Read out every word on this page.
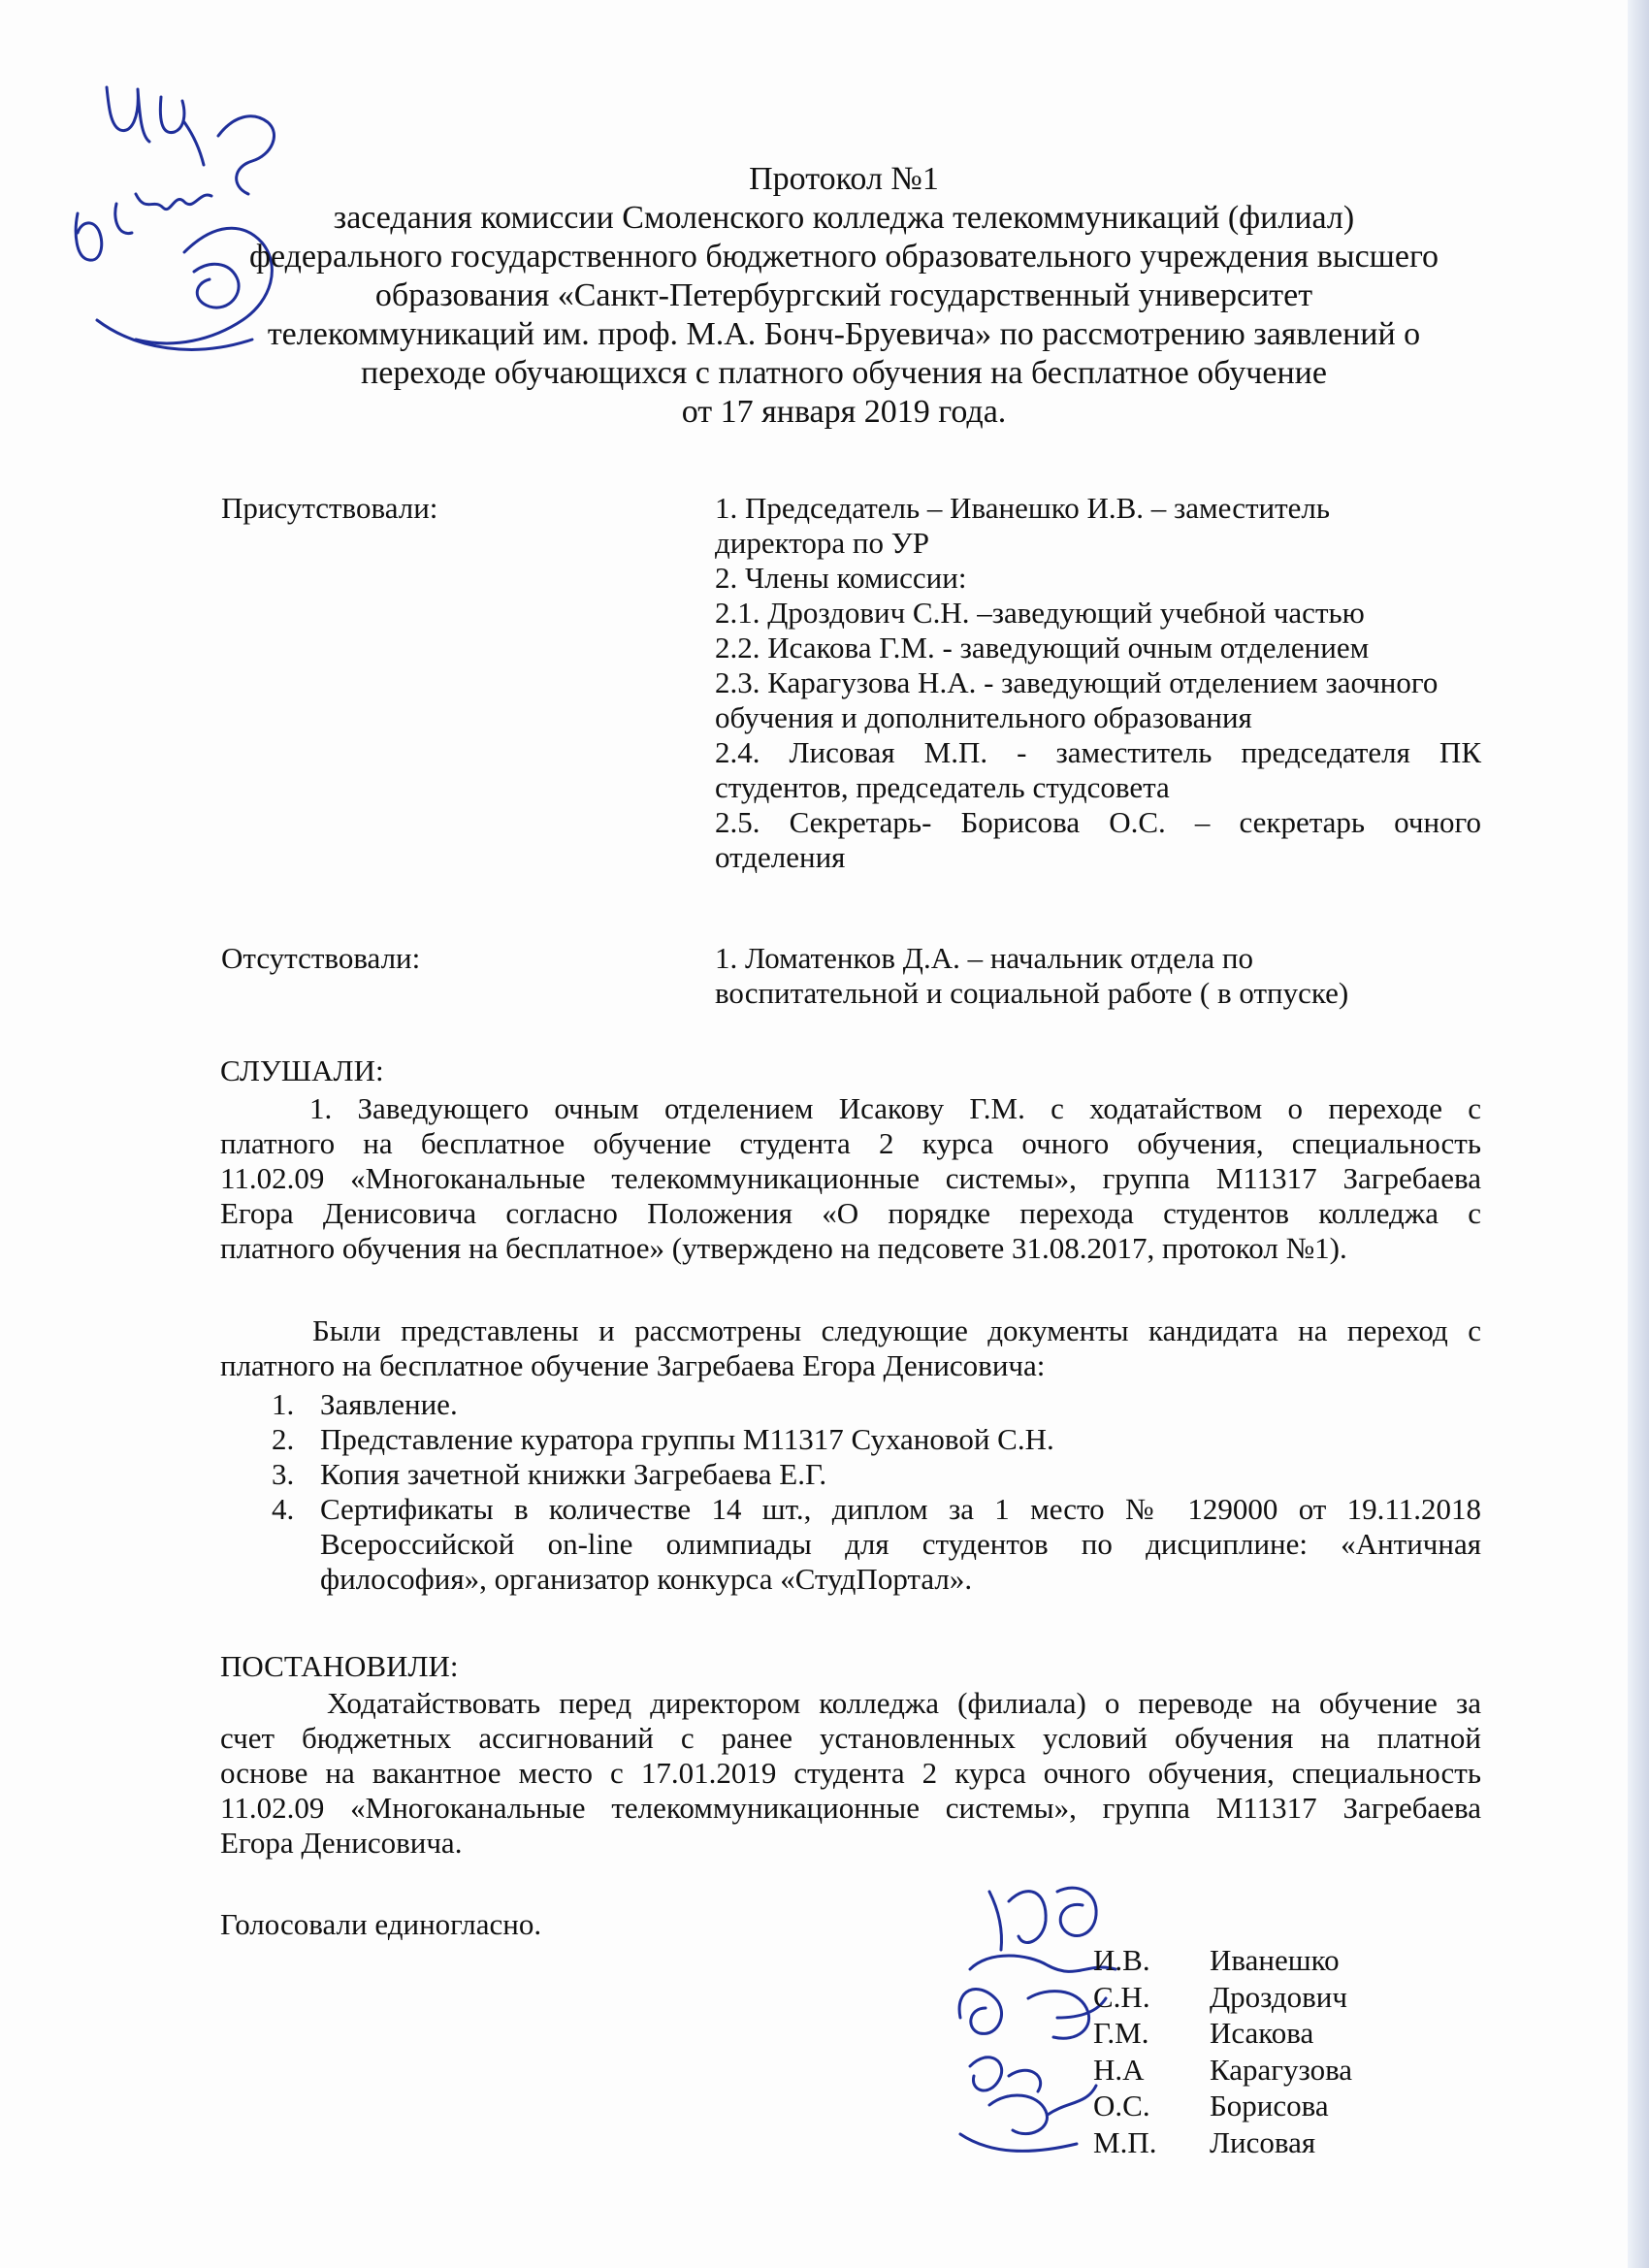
уч в приказ
Протокол №1
заседания комиссии Смоленского колледжа телекоммуникаций (филиал)
федерального государственного бюджетного образовательного учреждения высшего
образования «Санкт-Петербургский государственный университет
телекоммуникаций им. проф. М.А. Бонч-Бруевича» по рассмотрению заявлений о
переходе обучающихся с платного обучения на бесплатное обучение
от 17 января 2019 года.
Присутствовали:	1. Председатель – Иванешко И.В. – заместитель
директора по УР
2. Члены комиссии:
2.1. Дроздович С.Н. –заведующий учебной частью
2.2. Исакова Г.М. - заведующий очным отделением
2.3. Карагузова Н.А. - заведующий отделением заочного
обучения и дополнительного образования
2.4. Лисовая М.П. - заместитель председателя ПК
студентов, председатель студсовета
2.5. Секретарь- Борисова О.С. – секретарь очного
отделения
Отсутствовали:	1. Ломатенков Д.А. – начальник отдела по
воспитательной и социальной работе ( в отпуске)
СЛУШАЛИ:
1. Заведующего очным отделением Исакову Г.М. с ходатайством о переходе с
платного на бесплатное обучение студента 2 курса очного обучения, специальность
11.02.09 «Многоканальные телекоммуникационные системы», группа М11317 Загребаева
Егора Денисовича согласно Положения «О порядке перехода студентов колледжа с
платного обучения на бесплатное» (утверждено на педсовете 31.08.2017, протокол №1).
Были представлены и рассмотрены следующие документы кандидата на переход с
платного на бесплатное обучение Загребаева Егора Денисовича:
1. Заявление.
2. Представление куратора группы М11317 Сухановой С.Н.
3. Копия зачетной книжки Загребаева Е.Г.
4. Сертификаты в количестве 14 шт., диплом за 1 место № 129000 от 19.11.2018
Всероссийской on-line олимпиады для студентов по дисциплине: «Античная
философия», организатор конкурса «СтудПортал».
ПОСТАНОВИЛИ:
Ходатайствовать перед директором колледжа (филиала) о переводе на обучение за
счет бюджетных ассигнований с ранее установленных условий обучения на платной
основе на вакантное место с 17.01.2019 студента 2 курса очного обучения, специальность
11.02.09 «Многоканальные телекоммуникационные системы», группа М11317 Загребаева
Егора Денисовича.
Голосовали единогласно.
И.В.	Иванешко
С.Н.	Дроздович
Г.М.	Исакова
Н.А	Карагузова
О.С.	Борисова
М.П.	Лисовая
